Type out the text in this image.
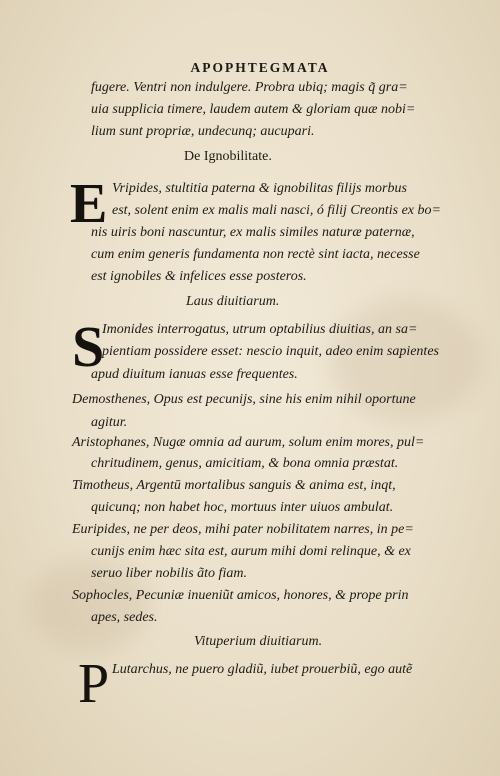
APOPHTEGMATA
fugere. Ventri non indulgere. Probra ubiq; magis q̃ gra=
uia supplicia timere, laudem autem & gloriam quæ nobi=
lium sunt propriæ, undecunq; aucupari.
De Ignobilitate.
E Vripides, stultitia paterna & ignobilitas filijs morbus
est, solent enim ex malis mali nasci, ó filij Creontis ex bo=
nis uiris boni nascuntur, ex malis similes naturæ paternæ,
cum enim generis fundamenta non rectè sint iacta, necesse
est ignobiles & infelices esse posteros.
Laus diuitiarum.
S
Imonides interrogatus, utrum optabilius diuitias, an sa=
pientiam possidere esset: nescio inquit, adeo enim sapientes
apud diuitum ianuas esse frequentes.
Demosthenes, Opus est pecunijs, sine his enim nihil oportune
agitur.
Aristophanes, Nugæ omnia ad aurum, solum enim mores, pul=
chritudinem, genus, amicitiam, & bona omnia præstat.
Timotheus, Argentū mortalibus sanguis & anima est, inqt,
quicunq; non habet hoc, mortuus inter uiuos ambulat.
Euripides, ne per deos, mihi pater nobilitatem narres, in pe=
cunijs enim hæc sita est, aurum mihi domi relinque, & ex
seruo liber nobilis ãto fiam.
Sophocles, Pecuniæ inueniũt amicos, honores, & prope prin
apes, sedes.
Vituperium diuitiarum.
P Lutarchus, ne puero gladiũ, iubet prouerbiũ, ego autẽ
